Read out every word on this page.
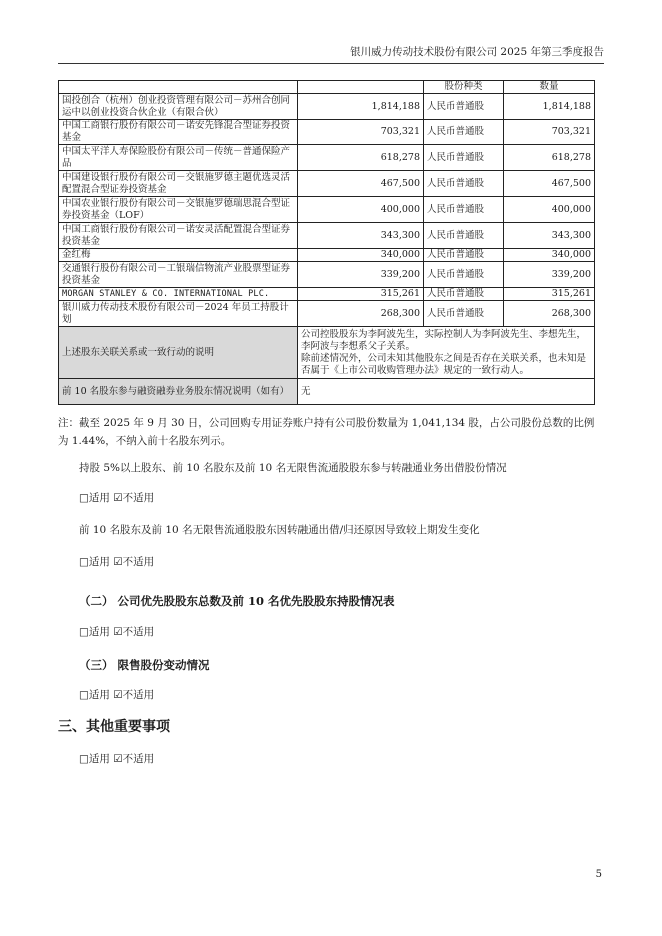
银川威力传动技术股份有限公司 2025 年第三季度报告
		股份种类	数量
国投创合（杭州）创业投资管理有限公司－苏州合创同运中以创业投资合伙企业（有限合伙）	1,814,188	人民币普通股	1,814,188
中国工商银行股份有限公司－诺安先锋混合型证券投资基金	703,321	人民币普通股	703,321
中国太平洋人寿保险股份有限公司－传统－普通保险产品	618,278	人民币普通股	618,278
中国建设银行股份有限公司－交银施罗德主题优选灵活配置混合型证券投资基金	467,500	人民币普通股	467,500
中国农业银行股份有限公司－交银施罗德瑞思混合型证券投资基金（LOF）	400,000	人民币普通股	400,000
中国工商银行股份有限公司－诺安灵活配置混合型证券投资基金	343,300	人民币普通股	343,300
金红梅	340,000	人民币普通股	340,000
交通银行股份有限公司－工银瑞信物流产业股票型证券投资基金	339,200	人民币普通股	339,200
MORGAN STANLEY & CO. INTERNATIONAL PLC.	315,261	人民币普通股	315,261
银川威力传动技术股份有限公司－2024 年员工持股计划	268,300	人民币普通股	268,300
上述股东关联关系或一致行动的说明	公司控股股东为李阿波先生，实际控制人为李阿波先生、李想先生，李阿波与李想系父子关系。
除前述情况外，公司未知其他股东之间是否存在关联关系，也未知是否属于《上市公司收购管理办法》规定的一致行动人。		

前 10 名股东参与融资融券业务股东情况说明（如有）	无		

注：截至 2025 年 9 月 30 日，公司回购专用证券账户持有公司股份数量为 1,041,134 股，占公司股份总数的比例为 1.44%，不纳入前十名股东列示。

持股 5%以上股东、前 10 名股东及前 10 名无限售流通股股东参与转融通业务出借股份情况

□适用 ☑不适用

前 10 名股东及前 10 名无限售流通股股东因转融通出借/归还原因导致较上期发生变化

□适用 ☑不适用

（二） 公司优先股股东总数及前 10 名优先股股东持股情况表

□适用 ☑不适用

（三） 限售股份变动情况

□适用 ☑不适用

三、其他重要事项

□适用 ☑不适用

5
